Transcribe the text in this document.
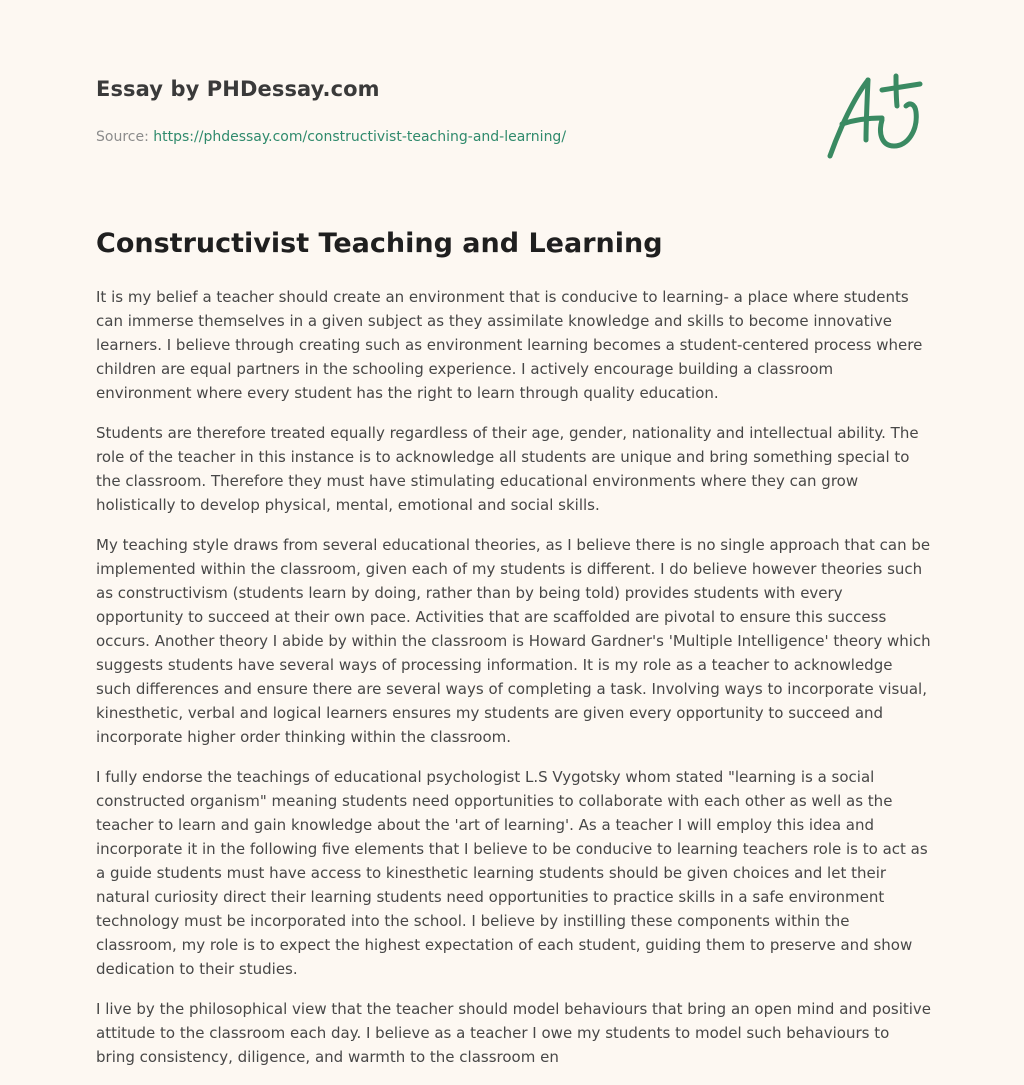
Essay by PHDessay.com
Source: https://phdessay.com/constructivist-teaching-and-learning/
Constructivist Teaching and Learning

It is my belief a teacher should create an environment that is conducive to learning- a place where students can immerse themselves in a given subject as they assimilate knowledge and skills to become innovative learners. I believe through creating such as environment learning becomes a student-centered process where children are equal partners in the schooling experience. I actively encourage building a classroom environment where every student has the right to learn through quality education.

Students are therefore treated equally regardless of their age, gender, nationality and intellectual ability. The role of the teacher in this instance is to acknowledge all students are unique and bring something special to the classroom. Therefore they must have stimulating educational environments where they can grow holistically to develop physical, mental, emotional and social skills.

My teaching style draws from several educational theories, as I believe there is no single approach that can be implemented within the classroom, given each of my students is different. I do believe however theories such as constructivism (students learn by doing, rather than by being told) provides students with every opportunity to succeed at their own pace. Activities that are scaffolded are pivotal to ensure this success occurs. Another theory I abide by within the classroom is Howard Gardner's 'Multiple Intelligence' theory which suggests students have several ways of processing information. It is my role as a teacher to acknowledge such differences and ensure there are several ways of completing a task. Involving ways to incorporate visual, kinesthetic, verbal and logical learners ensures my students are given every opportunity to succeed and incorporate higher order thinking within the classroom.

I fully endorse the teachings of educational psychologist L.S Vygotsky whom stated "learning is a social constructed organism" meaning students need opportunities to collaborate with each other as well as the teacher to learn and gain knowledge about the 'art of learning'. As a teacher I will employ this idea and incorporate it in the following five elements that I believe to be conducive to learning teachers role is to act as a guide students must have access to kinesthetic learning students should be given choices and let their natural curiosity direct their learning students need opportunities to practice skills in a safe environment technology must be incorporated into the school. I believe by instilling these components within the classroom, my role is to expect the highest expectation of each student, guiding them to preserve and show dedication to their studies.

I live by the philosophical view that the teacher should model behaviours that bring an open mind and positive attitude to the classroom each day. I believe as a teacher I owe my students to model such behaviours to bring consistency, diligence, and warmth to the classroom en
